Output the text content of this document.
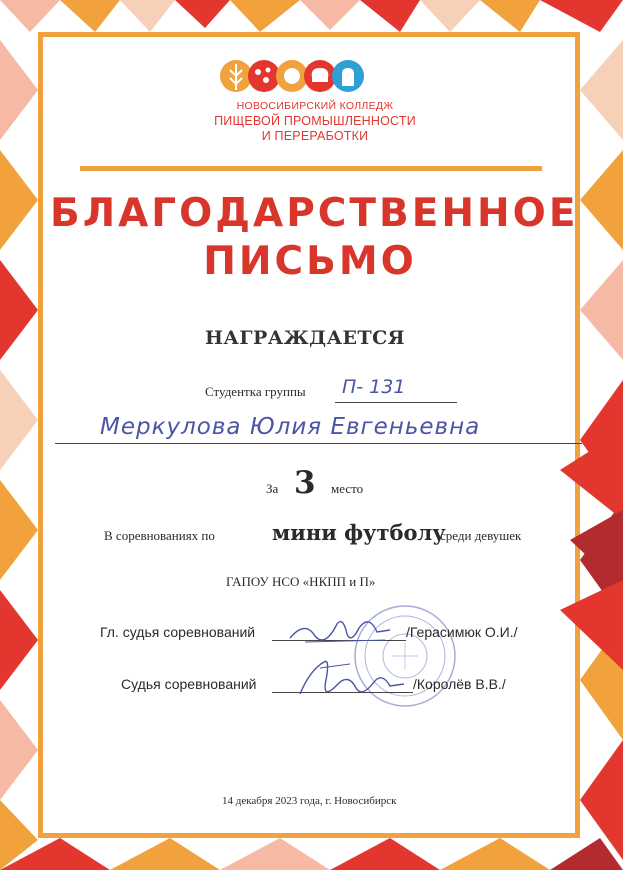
НОВОСИБИРСКИЙ КОЛЛЕДЖ
ПИЩЕВОЙ ПРОМЫШЛЕННОСТИ
И ПЕРЕРАБОТКИ
БЛАГОДАРСТВЕННОЕ
ПИСЬМО
НАГРАЖДАЕТСЯ
Студентка группы П- 131
Меркулова Юлия Евгеньевна
За 3 место
В соревнованиях по	мини футболу
среди девушек
ГАПОУ НСО «НКПП и П»
Гл. судья соревнований	/Герасимюк О.И./
Судья соревнований	/Королёв В.В./
14 декабря 2023 года, г. Новосибирск
